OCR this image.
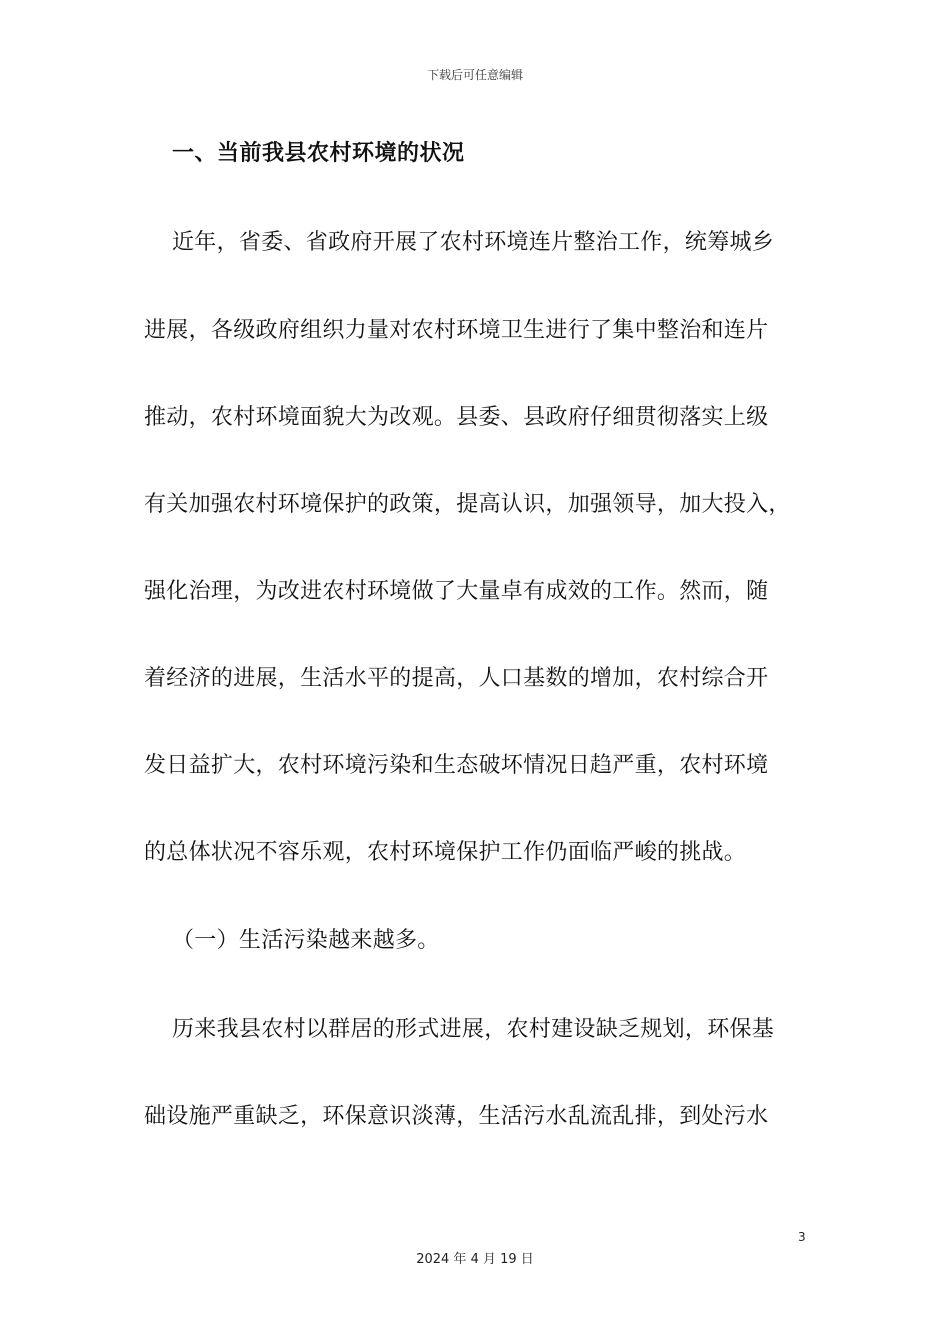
下载后可任意编辑
一、当前我县农村环境的状况
近年，省委、省政府开展了农村环境连片整治工作，统筹城乡
进展，各级政府组织力量对农村环境卫生进行了集中整治和连片
推动，农村环境面貌大为改观。县委、县政府仔细贯彻落实上级
有关加强农村环境保护的政策，提高认识，加强领导，加大投入，
强化治理，为改进农村环境做了大量卓有成效的工作。然而，随
着经济的进展，生活水平的提高，人口基数的增加，农村综合开
发日益扩大，农村环境污染和生态破坏情况日趋严重，农村环境
的总体状况不容乐观，农村环境保护工作仍面临严峻的挑战。
（一）生活污染越来越多。
历来我县农村以群居的形式进展，农村建设缺乏规划，环保基
础设施严重缺乏，环保意识淡薄，生活污水乱流乱排，到处污水
3
2024 年 4 月 19 日
